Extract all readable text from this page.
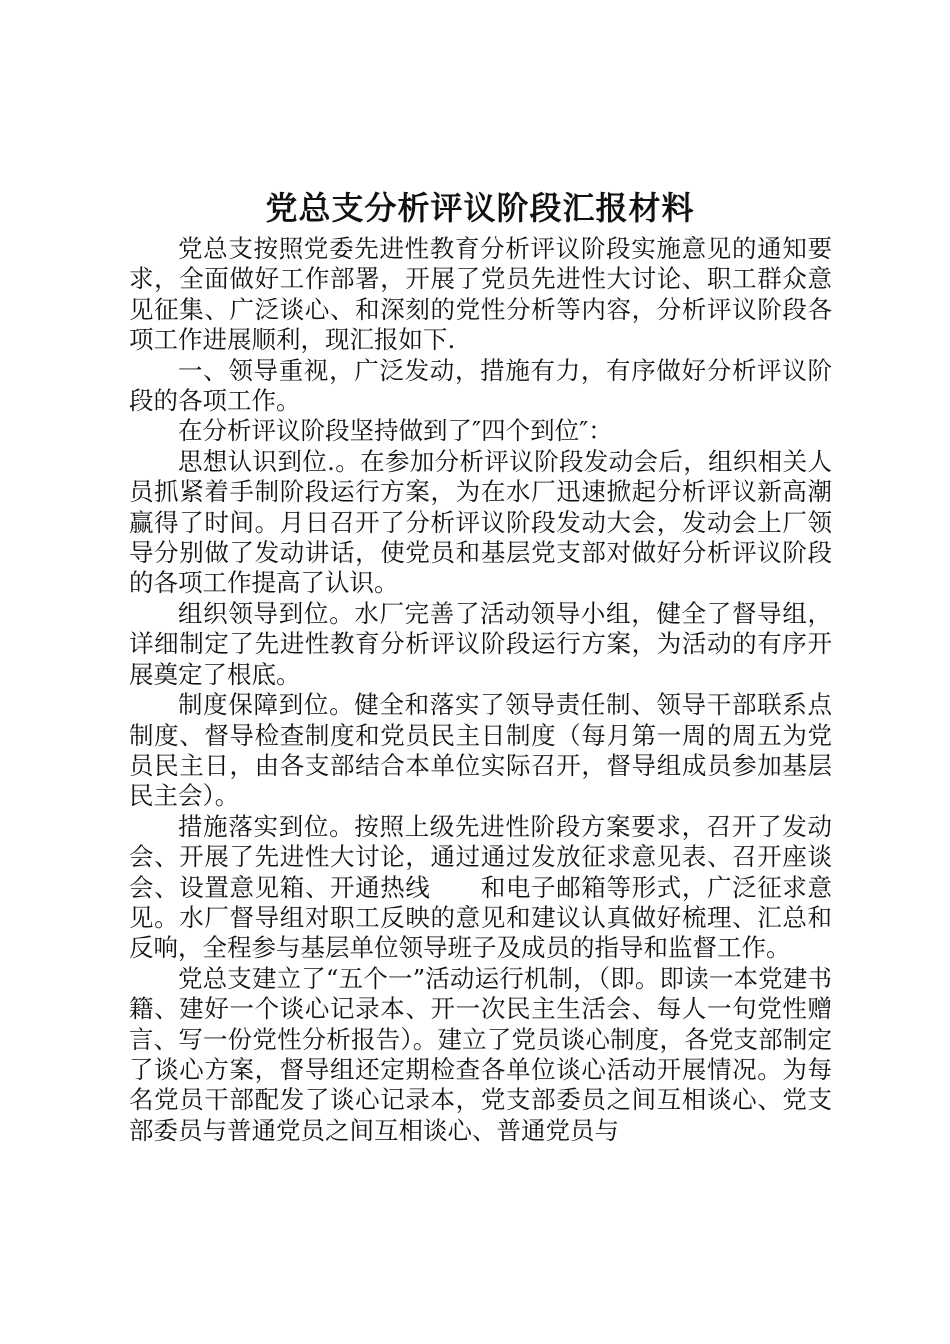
党总支分析评议阶段汇报材料

党总支按照党委先进性教育分析评议阶段实施意见的通知要求，全面做好工作部署，开展了党员先进性大讨论、职工群众意见征集、广泛谈心、和深刻的党性分析等内容，分析评议阶段各项工作进展顺利，现汇报如下.

一、领导重视，广泛发动，措施有力，有序做好分析评议阶段的各项工作。

在分析评议阶段坚持做到了″四个到位″：

思想认识到位.。在参加分析评议阶段发动会后，组织相关人员抓紧着手制阶段运行方案，为在水厂迅速掀起分析评议新高潮赢得了时间。月日召开了分析评议阶段发动大会，发动会上厂领导分别做了发动讲话，使党员和基层党支部对做好分析评议阶段的各项工作提高了认识。

组织领导到位。水厂完善了活动领导小组，健全了督导组，详细制定了先进性教育分析评议阶段运行方案，为活动的有序开展奠定了根底。

制度保障到位。健全和落实了领导责任制、领导干部联系点制度、督导检查制度和党员民主日制度（每月第一周的周五为党员民主日，由各支部结合本单位实际召开，督导组成员参加基层民主会）。

措施落实到位。按照上级先进性阶段方案要求，召开了发动会、开展了先进性大讨论，通过通过发放征求意见表、召开座谈会、设置意见箱、开通热线　　和电子邮箱等形式，广泛征求意见。水厂督导组对职工反映的意见和建议认真做好梳理、汇总和反响，全程参与基层单位领导班子及成员的指导和监督工作。

党总支建立了“五个一”活动运行机制，（即。即读一本党建书籍、建好一个谈心记录本、开一次民主生活会、每人一句党性赠言、写一份党性分析报告）。建立了党员谈心制度，各党支部制定了谈心方案，督导组还定期检查各单位谈心活动开展情况。为每名党员干部配发了谈心记录本，党支部委员之间互相谈心、党支部委员与普通党员之间互相谈心、普通党员与
